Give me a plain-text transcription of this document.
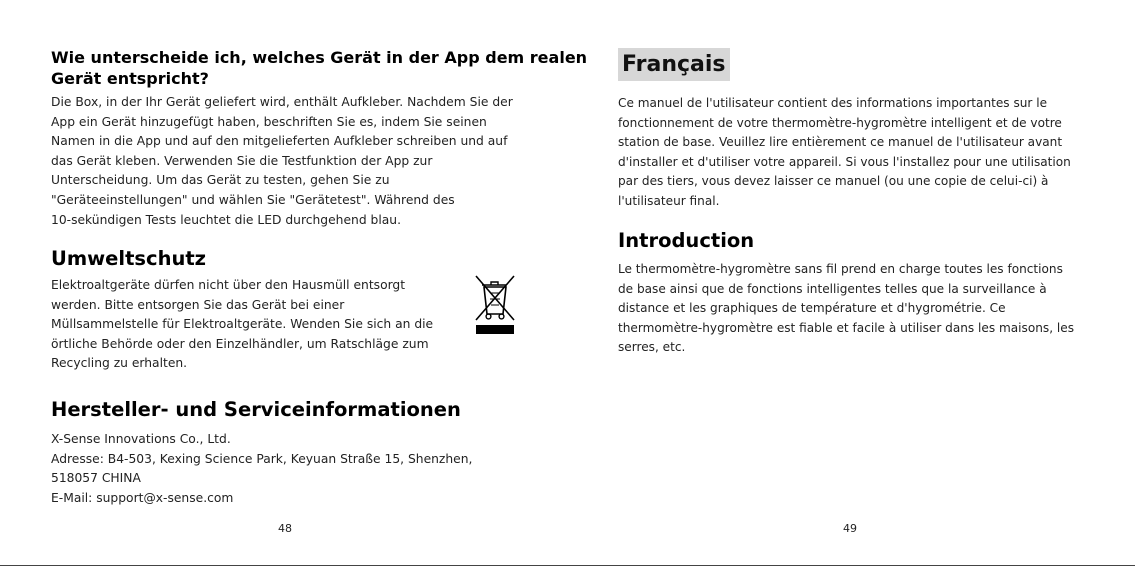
Wie unterscheide ich, welches Gerät in der App dem realen
Gerät entspricht?
Die Box, in der Ihr Gerät geliefert wird, enthält Aufkleber. Nachdem Sie der
App ein Gerät hinzugefügt haben, beschriften Sie es, indem Sie seinen
Namen in die App und auf den mitgelieferten Aufkleber schreiben und auf
das Gerät kleben. Verwenden Sie die Testfunktion der App zur
Unterscheidung. Um das Gerät zu testen, gehen Sie zu
"Geräteeinstellungen" und wählen Sie "Gerätetest". Während des
10-sekündigen Tests leuchtet die LED durchgehend blau.
Umweltschutz
Elektroaltgeräte dürfen nicht über den Hausmüll entsorgt
werden. Bitte entsorgen Sie das Gerät bei einer
Müllsammelstelle für Elektroaltgeräte. Wenden Sie sich an die
örtliche Behörde oder den Einzelhändler, um Ratschläge zum
Recycling zu erhalten.
Hersteller- und Serviceinformationen
X-Sense Innovations Co., Ltd.
Adresse: B4-503, Kexing Science Park, Keyuan Straße 15, Shenzhen,
518057 CHINA
E-Mail: support@x-sense.com
48
Français
Ce manuel de l'utilisateur contient des informations importantes sur le
fonctionnement de votre thermomètre-hygromètre intelligent et de votre
station de base. Veuillez lire entièrement ce manuel de l'utilisateur avant
d'installer et d'utiliser votre appareil. Si vous l'installez pour une utilisation
par des tiers, vous devez laisser ce manuel (ou une copie de celui-ci) à
l'utilisateur final.
Introduction
Le thermomètre-hygromètre sans fil prend en charge toutes les fonctions
de base ainsi que de fonctions intelligentes telles que la surveillance à
distance et les graphiques de température et d'hygrométrie. Ce
thermomètre-hygromètre est fiable et facile à utiliser dans les maisons, les
serres, etc.
49
